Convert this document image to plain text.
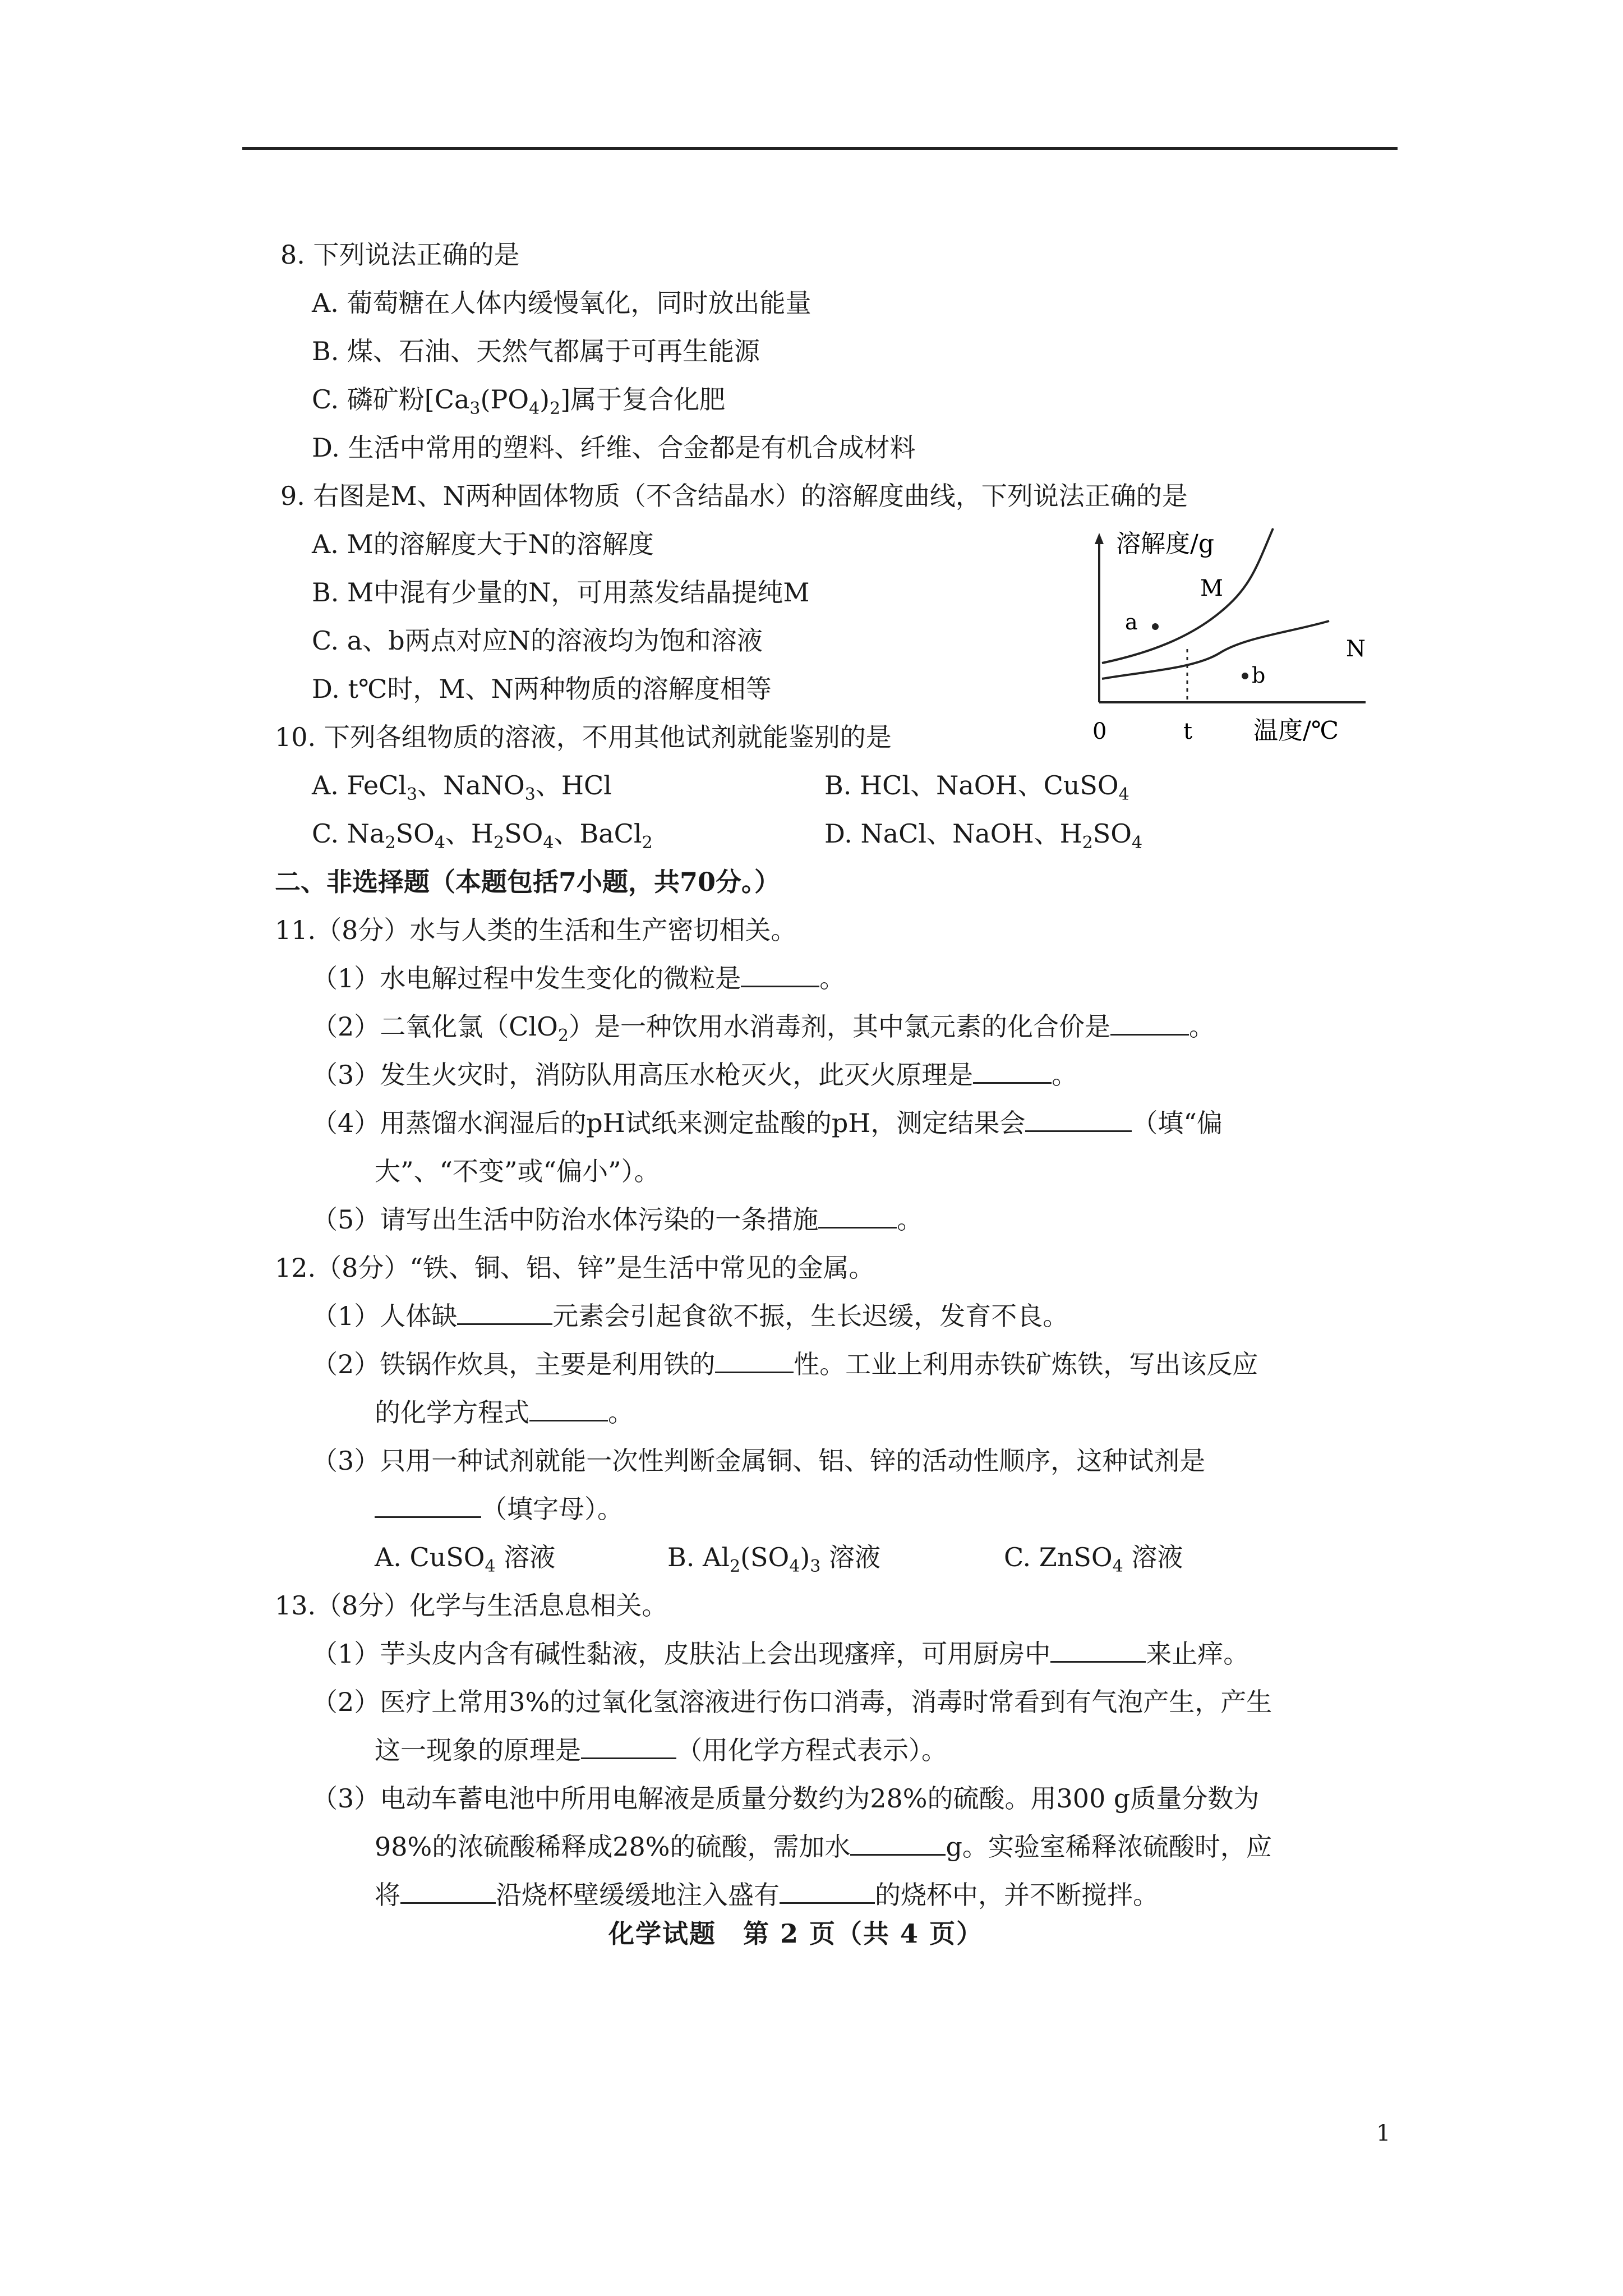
8. 下列说法正确的是
A. 葡萄糖在人体内缓慢氧化，同时放出能量
B. 煤、石油、天然气都属于可再生能源
C. 磷矿粉$[Ca_3(PO_4)_2]$属于复合化肥
D. 生活中常用的塑料、纤维、合金都是有机合成材料
9. 右图是M、N两种固体物质（不含结晶水）的溶解度曲线，下列说法正确的是
A. M的溶解度大于N的溶解度
B. M中混有少量的N，可用蒸发结晶提纯M
C. a、b两点对应N的溶液均为饱和溶液
D. t℃时，M、N两种物质的溶解度相等
溶解度/g
0	t 温度/℃
M
N
a
b
10. 下列各组物质的溶液，不用其他试剂就能鉴别的是
A. FeCl$_3$、NaNO$_3$、HCl	B. HCl、NaOH、CuSO$_4$
C. $Na_2SO_4$、$H_2SO_4$、BaCl$_2$	D. NaCl、NaOH、$H_2SO_4$
二、非选择题（本题包括7小题，共70分。）
11.（8分）水与人类的生活和生产密切相关。
（1）水电解过程中发生变化的微粒是	。
（2）二氧化氯（ClO$_2$）是一种饮用水消毒剂，其中氯元素的化合价是	。
（3）发生火灾时，消防队用高压水枪灭火，此灭火原理是	。
（4）用蒸馏水润湿后的pH试纸来测定盐酸的pH，测定结果会	（填“偏
大”、“不变”或“偏小”）。
（5）请写出生活中防治水体污染的一条措施	。
12.（8分）“铁、铜、铝、锌”是生活中常见的金属。
（1）人体缺	元素会引起食欲不振，生长迟缓，发育不良。
（2）铁锅作炊具，主要是利用铁的	性。工业上利用赤铁矿炼铁，写出该反应
的化学方程式	。
（3）只用一种试剂就能一次性判断金属铜、铝、锌的活动性顺序，这种试剂是
（填字母）。
A. CuSO$_4$ 溶液	B. $Al_2(SO_4)_3$ 溶液	C. ZnSO$_4$ 溶液
13.（8分）化学与生活息息相关。
（1）芋头皮内含有碱性黏液，皮肤沾上会出现瘙痒，可用厨房中	来止痒。
（2）医疗上常用3%的过氧化氢溶液进行伤口消毒，消毒时常看到有气泡产生，产生
这一现象的原理是	（用化学方程式表示）。
（3）电动车蓄电池中所用电解液是质量分数约为28%的硫酸。用300 g质量分数为
98%的浓硫酸稀释成28%的硫酸，需加水	g。实验室稀释浓硫酸时，应
将	沿烧杯壁缓缓地注入盛有	的烧杯中，并不断搅拌。
化学试题　第 2 页（共 4 页）
1
